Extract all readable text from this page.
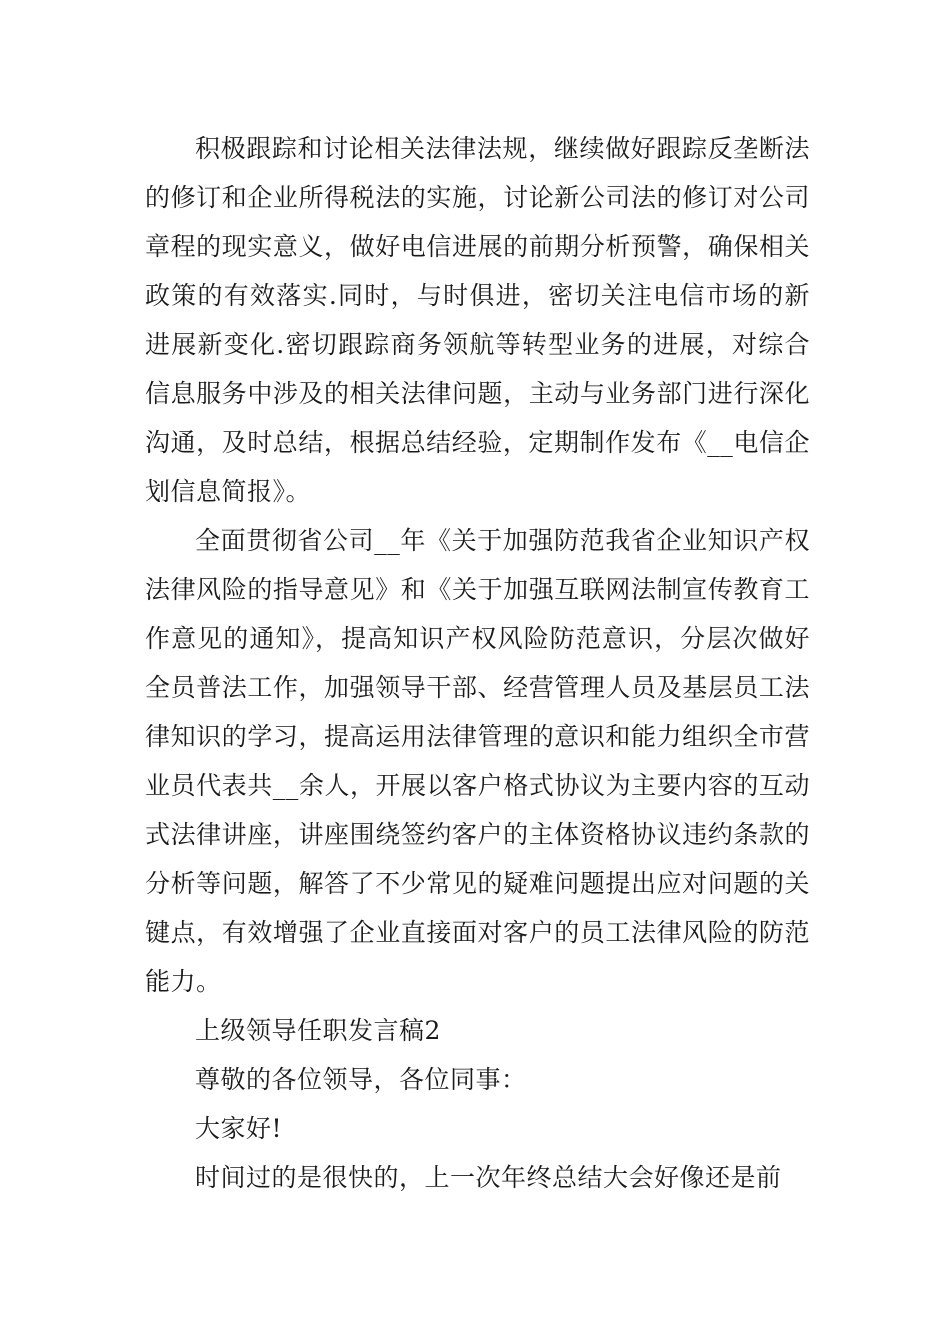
积极跟踪和讨论相关法律法规，继续做好跟踪反垄断法的修订和企业所得税法的实施，讨论新公司法的修订对公司章程的现实意义，做好电信进展的前期分析预警，确保相关政策的有效落实.同时，与时俱进，密切关注电信市场的新进展新变化.密切跟踪商务领航等转型业务的进展，对综合信息服务中涉及的相关法律问题，主动与业务部门进行深化沟通，及时总结，根据总结经验，定期制作发布《__电信企划信息简报》。

全面贯彻省公司__年《关于加强防范我省企业知识产权法律风险的指导意见》和《关于加强互联网法制宣传教育工作意见的通知》，提高知识产权风险防范意识，分层次做好全员普法工作，加强领导干部、经营管理人员及基层员工法律知识的学习，提高运用法律管理的意识和能力组织全市营业员代表共__余人，开展以客户格式协议为主要内容的互动式法律讲座，讲座围绕签约客户的主体资格协议违约条款的分析等问题，解答了不少常见的疑难问题提出应对问题的关键点，有效增强了企业直接面对客户的员工法律风险的防范能力。

上级领导任职发言稿2

尊敬的各位领导，各位同事：

大家好!

时间过的是很快的，上一次年终总结大会好像还是前
